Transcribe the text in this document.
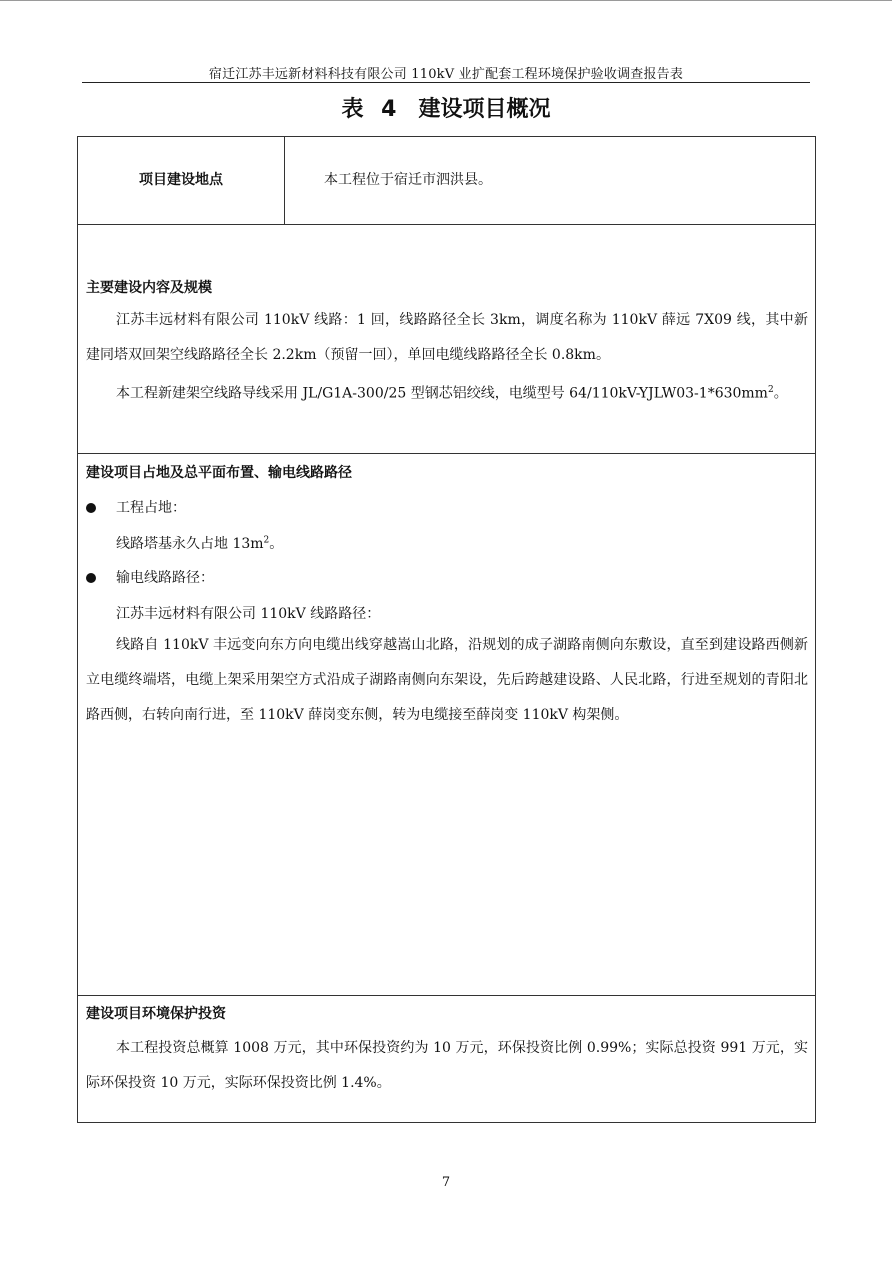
宿迁江苏丰远新材料科技有限公司 110kV 业扩配套工程环境保护验收调查报告表
表 4　建设项目概况
项目建设地点	本工程位于宿迁市泗洪县。
主要建设内容及规模
江苏丰远材料有限公司 110kV 线路：1 回，线路路径全长 3km，调度名称为 110kV 薛远 7X09 线，其中新建同塔双回架空线路路径全长 2.2km（预留一回），单回电缆线路路径全长 0.8km。
本工程新建架空线路导线采用 JL/G1A-300/25 型钢芯铝绞线，电缆型号 $64/110kV-YJLW03-1*630mm^2$。
建设项目占地及总平面布置、输电线路路径
工程占地：
线路塔基永久占地 $13m^2$。
输电线路路径：
江苏丰远材料有限公司 110kV 线路路径：
线路自 110kV 丰远变向东方向电缆出线穿越嵩山北路，沿规划的成子湖路南侧向东敷设，直至到建设路西侧新立电缆终端塔，电缆上架采用架空方式沿成子湖路南侧向东架设，先后跨越建设路、人民北路，行进至规划的青阳北路西侧，右转向南行进，至 110kV 薛岗变东侧，转为电缆接至薛岗变 110kV 构架侧。
建设项目环境保护投资
本工程投资总概算 1008 万元，其中环保投资约为 10 万元，环保投资比例 0.99%；实际总投资 991 万元，实际环保投资 10 万元，实际环保投资比例 1.4%。
7
